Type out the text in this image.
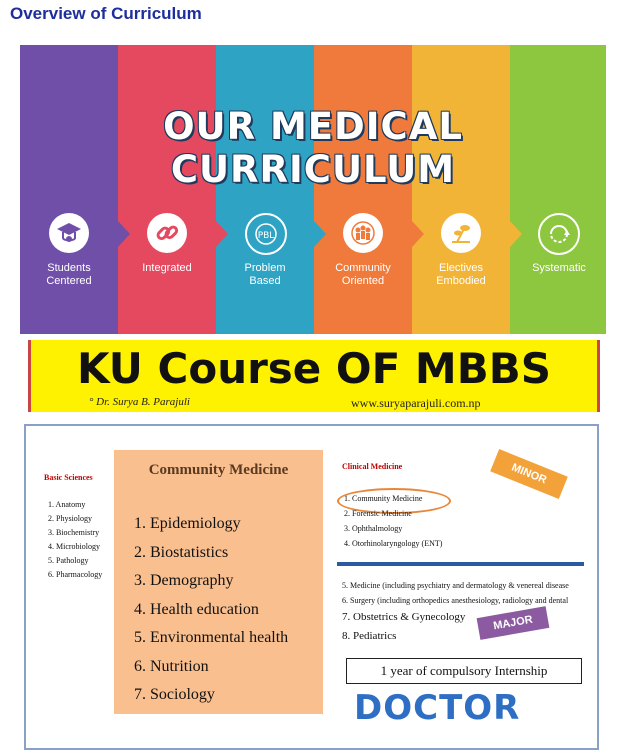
Overview of Curriculum
OUR MEDICAL CURRICULUM
PBL
Students
Centered
Integrated	Problem
Based
Community
Oriented
Electives
Embodied
Systematic
KU Course OF MBBS
° Dr. Surya B. Parajuli	www.suryaparajuli.com.np
Basic Sciences
1. Anatomy
2. Physiology
3. Biochemistry
4. Microbiology
5. Pathology
6. Pharmacology
Community Medicine
1. Epidemiology
2. Biostatistics
3. Demography
4. Health education
5. Environmental health
6. Nutrition
7. Sociology
Clinical Medicine
1. Community Medicine
2. Forensic Medicine
3. Ophthalmology
4. Otorhinolaryngology (ENT)
MINOR
5. Medicine (including psychiatry and dermatology & venereal disease
6. Surgery (including orthopedics anesthesiology, radiology and dental
7. Obstetrics & Gynecology
8. Pediatrics
MAJOR
1 year of compulsory Internship
DOCTOR
